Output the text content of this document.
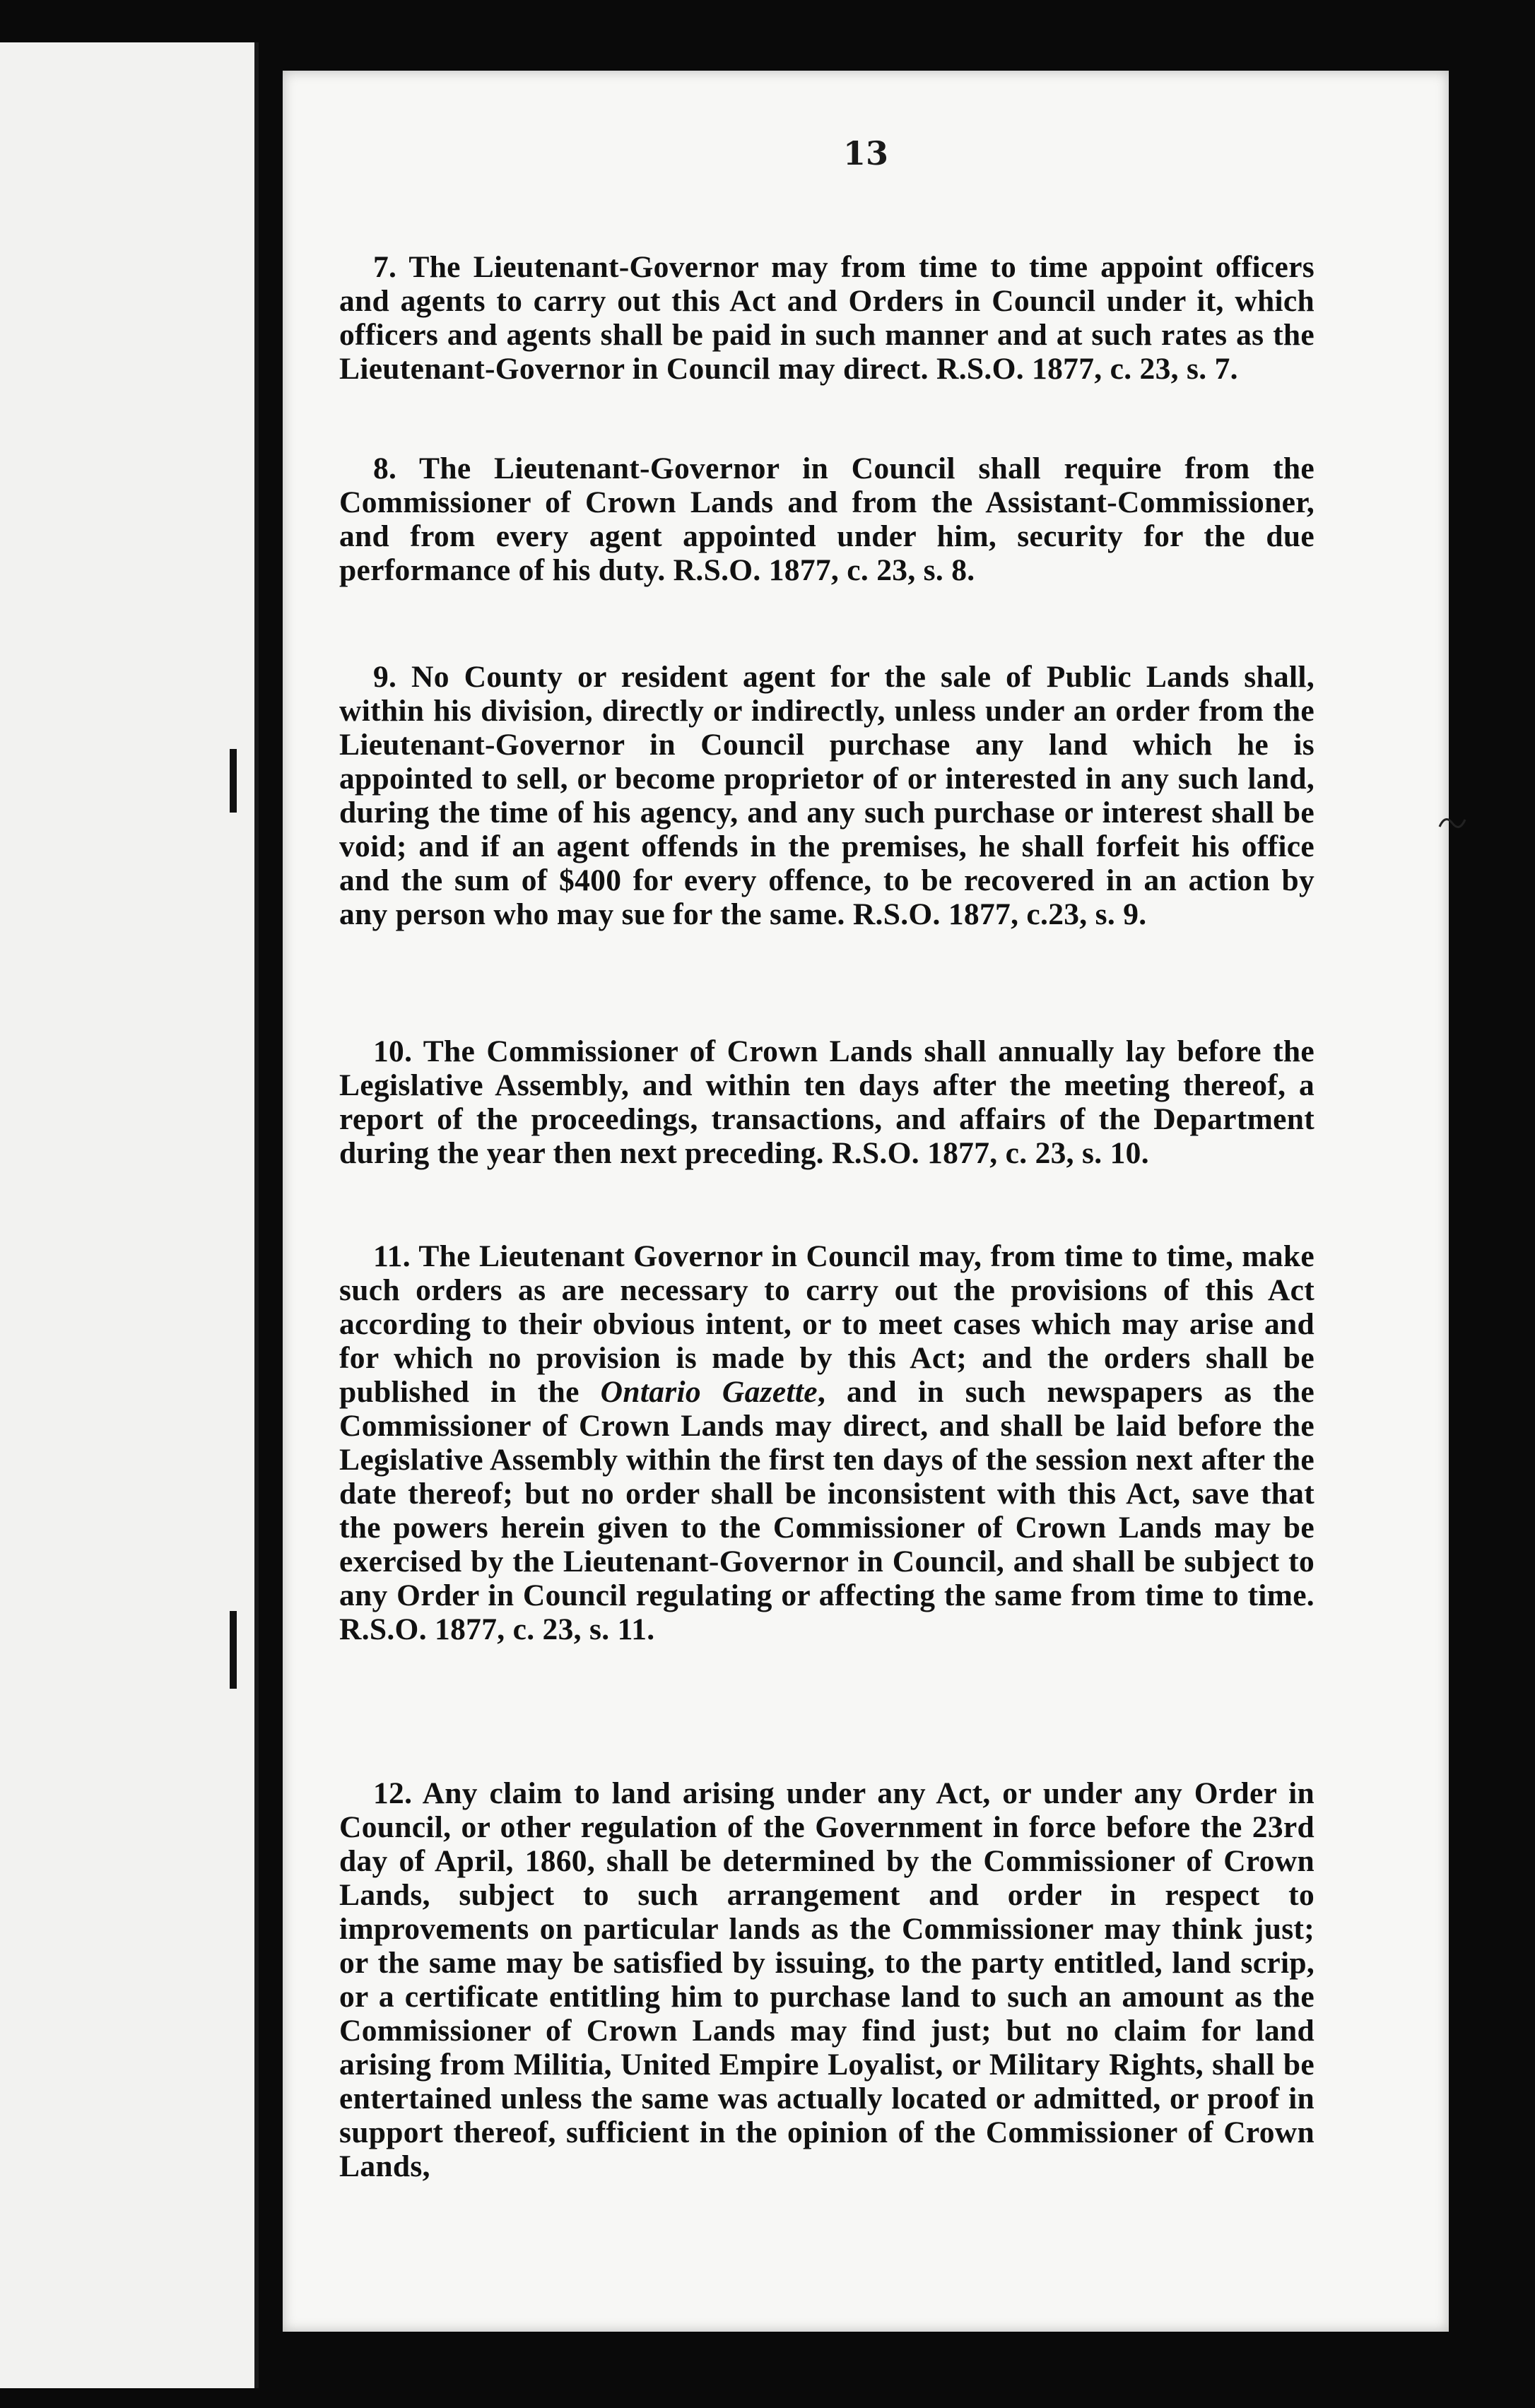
13

7. The Lieutenant-Governor may from time to time appoint officers and agents to carry out this Act and Orders in Council under it, which officers and agents shall be paid in such manner and at such rates as the Lieutenant-Governor in Council may direct. R.S.O. 1877, c. 23, s. 7.

8. The Lieutenant-Governor in Council shall require from the Commissioner of Crown Lands and from the Assistant-Commissioner, and from every agent appointed under him, security for the due performance of his duty. R.S.O. 1877, c. 23, s. 8.

9. No County or resident agent for the sale of Public Lands shall, within his division, directly or indirectly, unless under an order from the Lieutenant-Governor in Council purchase any land which he is appointed to sell, or become proprietor of or interested in any such land, during the time of his agency, and any such purchase or interest shall be void; and if an agent offends in the premises, he shall forfeit his office and the sum of $400 for every offence, to be recovered in an action by any person who may sue for the same. R.S.O. 1877, c.23, s. 9.

10. The Commissioner of Crown Lands shall annually lay before the Legislative Assembly, and within ten days after the meeting thereof, a report of the proceedings, transactions, and affairs of the Department during the year then next preceding. R.S.O. 1877, c. 23, s. 10.

11. The Lieutenant Governor in Council may, from time to time, make such orders as are necessary to carry out the provisions of this Act according to their obvious intent, or to meet cases which may arise and for which no provision is made by this Act; and the orders shall be published in the Ontario Gazette, and in such newspapers as the Commissioner of Crown Lands may direct, and shall be laid before the Legislative Assembly within the first ten days of the session next after the date thereof; but no order shall be inconsistent with this Act, save that the powers herein given to the Commissioner of Crown Lands may be exercised by the Lieutenant-Governor in Council, and shall be subject to any Order in Council regulating or affecting the same from time to time. R.S.O. 1877, c. 23, s. 11.

12. Any claim to land arising under any Act, or under any Order in Council, or other regulation of the Government in force before the 23rd day of April, 1860, shall be determined by the Commissioner of Crown Lands, subject to such arrangement and order in respect to improvements on particular lands as the Commissioner may think just; or the same may be satisfied by issuing, to the party entitled, land scrip, or a certificate entitling him to purchase land to such an amount as the Commissioner of Crown Lands may find just; but no claim for land arising from Militia, United Empire Loyalist, or Military Rights, shall be entertained unless the same was actually located or admitted, or proof in support thereof, sufficient in the opinion of the Commissioner of Crown Lands,
